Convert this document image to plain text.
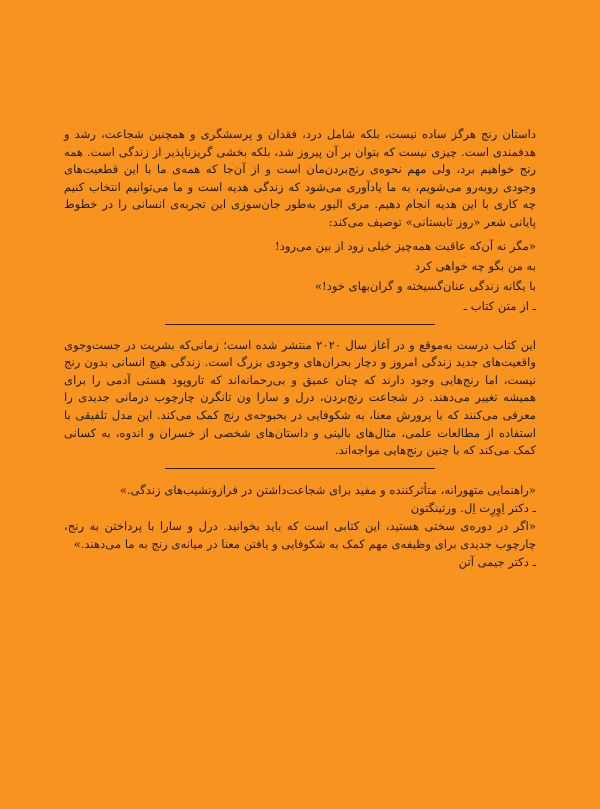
داستان رنج هرگز ساده نیست، بلکه شامل درد، فقدان و پرسشگری و همچنین شجاعت، رشد و هدفمندی است. چیزی نیست که بتوان بر آن پیروز شد، بلکه بخشی گریزناپذیر از زندگی است. همه رنج خواهیم برد، ولی مهم نحوه‌ی رنج‌بردن‌مان است و از آن‌جا که همه‌ی ما با این قطعیت‌های وجودی روبه‌رو می‌شویم، به ما یادآوری می‌شود که زندگی هدیه است و ما می‌توانیم انتخاب کنیم چه کاری با این هدیه انجام دهیم. مری الیور به‌طور جان‌سوزی این تجربه‌ی انسانی را در خطوط پایانی شعر «روز تابستانی» توصیف می‌کند:

«مگر نه آن‌که عاقبت همه‌چیز خیلی زود از بین می‌رود!
به من بگو چه خواهی کرد
با یگانه زندگی عنان‌گسیخته و گران‌بهای خود!»
ـ از متن کتاب ـ

این کتاب درست به‌موقع و در آغاز سال ۲۰۲۰ منتشر شده است؛ زمانی‌که بشریت در جست‌وجوی واقعیت‌های جدید زندگی امروز و دچار بحران‌های وجودی بزرگ است. زندگی هیچ انسانی بدون رنج نیست، اما رنج‌هایی وجود دارند که چنان عمیق و بی‌رحمانه‌اند که تارو‌پود هستی آدمی را برای همیشه تغییر می‌دهند. در شجاعت رنج‌بردن، درل و سارا ون تانگرن چارچوب درمانی جدیدی را معرفی می‌کنند که با پرورش معنا، به شکوفایی در بحبوحه‌ی رنج کمک می‌کند. این مدل تلفیقی با استفاده از مطالعات علمی، مثال‌های بالینی و داستان‌های شخصی از خسران و اندوه، به کسانی کمک می‌کند که با چنین رنج‌هایی مواجه‌اند.

«راهنمایی متهورانه، متأثرکننده و مفید برای شجاعت‌داشتن در فرازونشیب‌های زندگی.»

ـ دکتر اِوِرِت اِل. ورتینگتون

«اگر در دوره‌ی سختی هستید، این کتابی است که باید بخوانید. درل و سارا با پرداختن به رنج، چارچوب جدیدی برای وظیفه‌ی مهم کمک به شکوفایی و یافتن معنا در میانه‌ی رنج به ما می‌دهند.»

ـ دکتر جیمی آتن
